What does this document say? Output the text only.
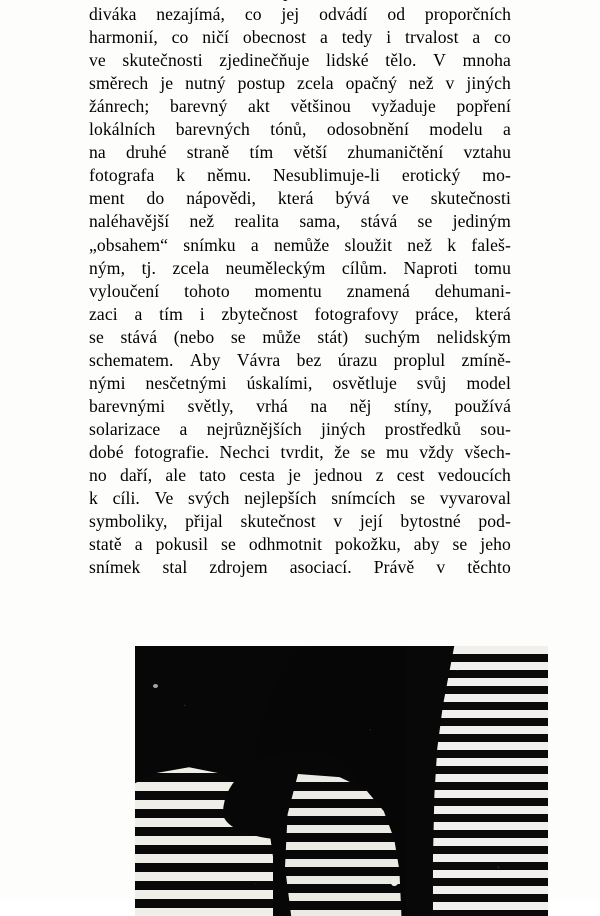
diváka nezajímá, co jej odvádí od proporčních
harmonií, co ničí obecnost a tedy i trvalost a co
ve skutečnosti zjedinečňuje lidské tělo. V mnoha
směrech je nutný postup zcela opačný než v jiných
žánrech; barevný akt většinou vyžaduje popření
lokálních barevných tónů, odosobnění modelu a
na druhé straně tím větší zhumaničtění vztahu
fotografa k němu. Nesublimuje-li erotický mo-
ment do nápovědi, která bývá ve skutečnosti
naléhavější než realita sama, stává se jediným
„obsahem“ snímku a nemůže sloužit než k faleš-
ným, tj. zcela neuměleckým cílům. Naproti tomu
vyloučení tohoto momentu znamená dehumani-
zaci a tím i zbytečnost fotografovy práce, která
se stává (nebo se může stát) suchým nelidským
schematem. Aby Vávra bez úrazu proplul zmíně-
nými nesčetnými úskalími, osvětluje svůj model
barevnými světly, vrhá na něj stíny, používá
solarizace a nejrůznějších jiných prostředků sou-
dobé fotografie. Nechci tvrdit, že se mu vždy všech-
no daří, ale tato cesta je jednou z cest vedoucích
k cíli. Ve svých nejlepších snímcích se vyvaroval
symboliky, přijal skutečnost v její bytostné pod-
statě a pokusil se odhmotnit pokožku, aby se jeho
snímek stal zdrojem asociací. Právě v těchto
